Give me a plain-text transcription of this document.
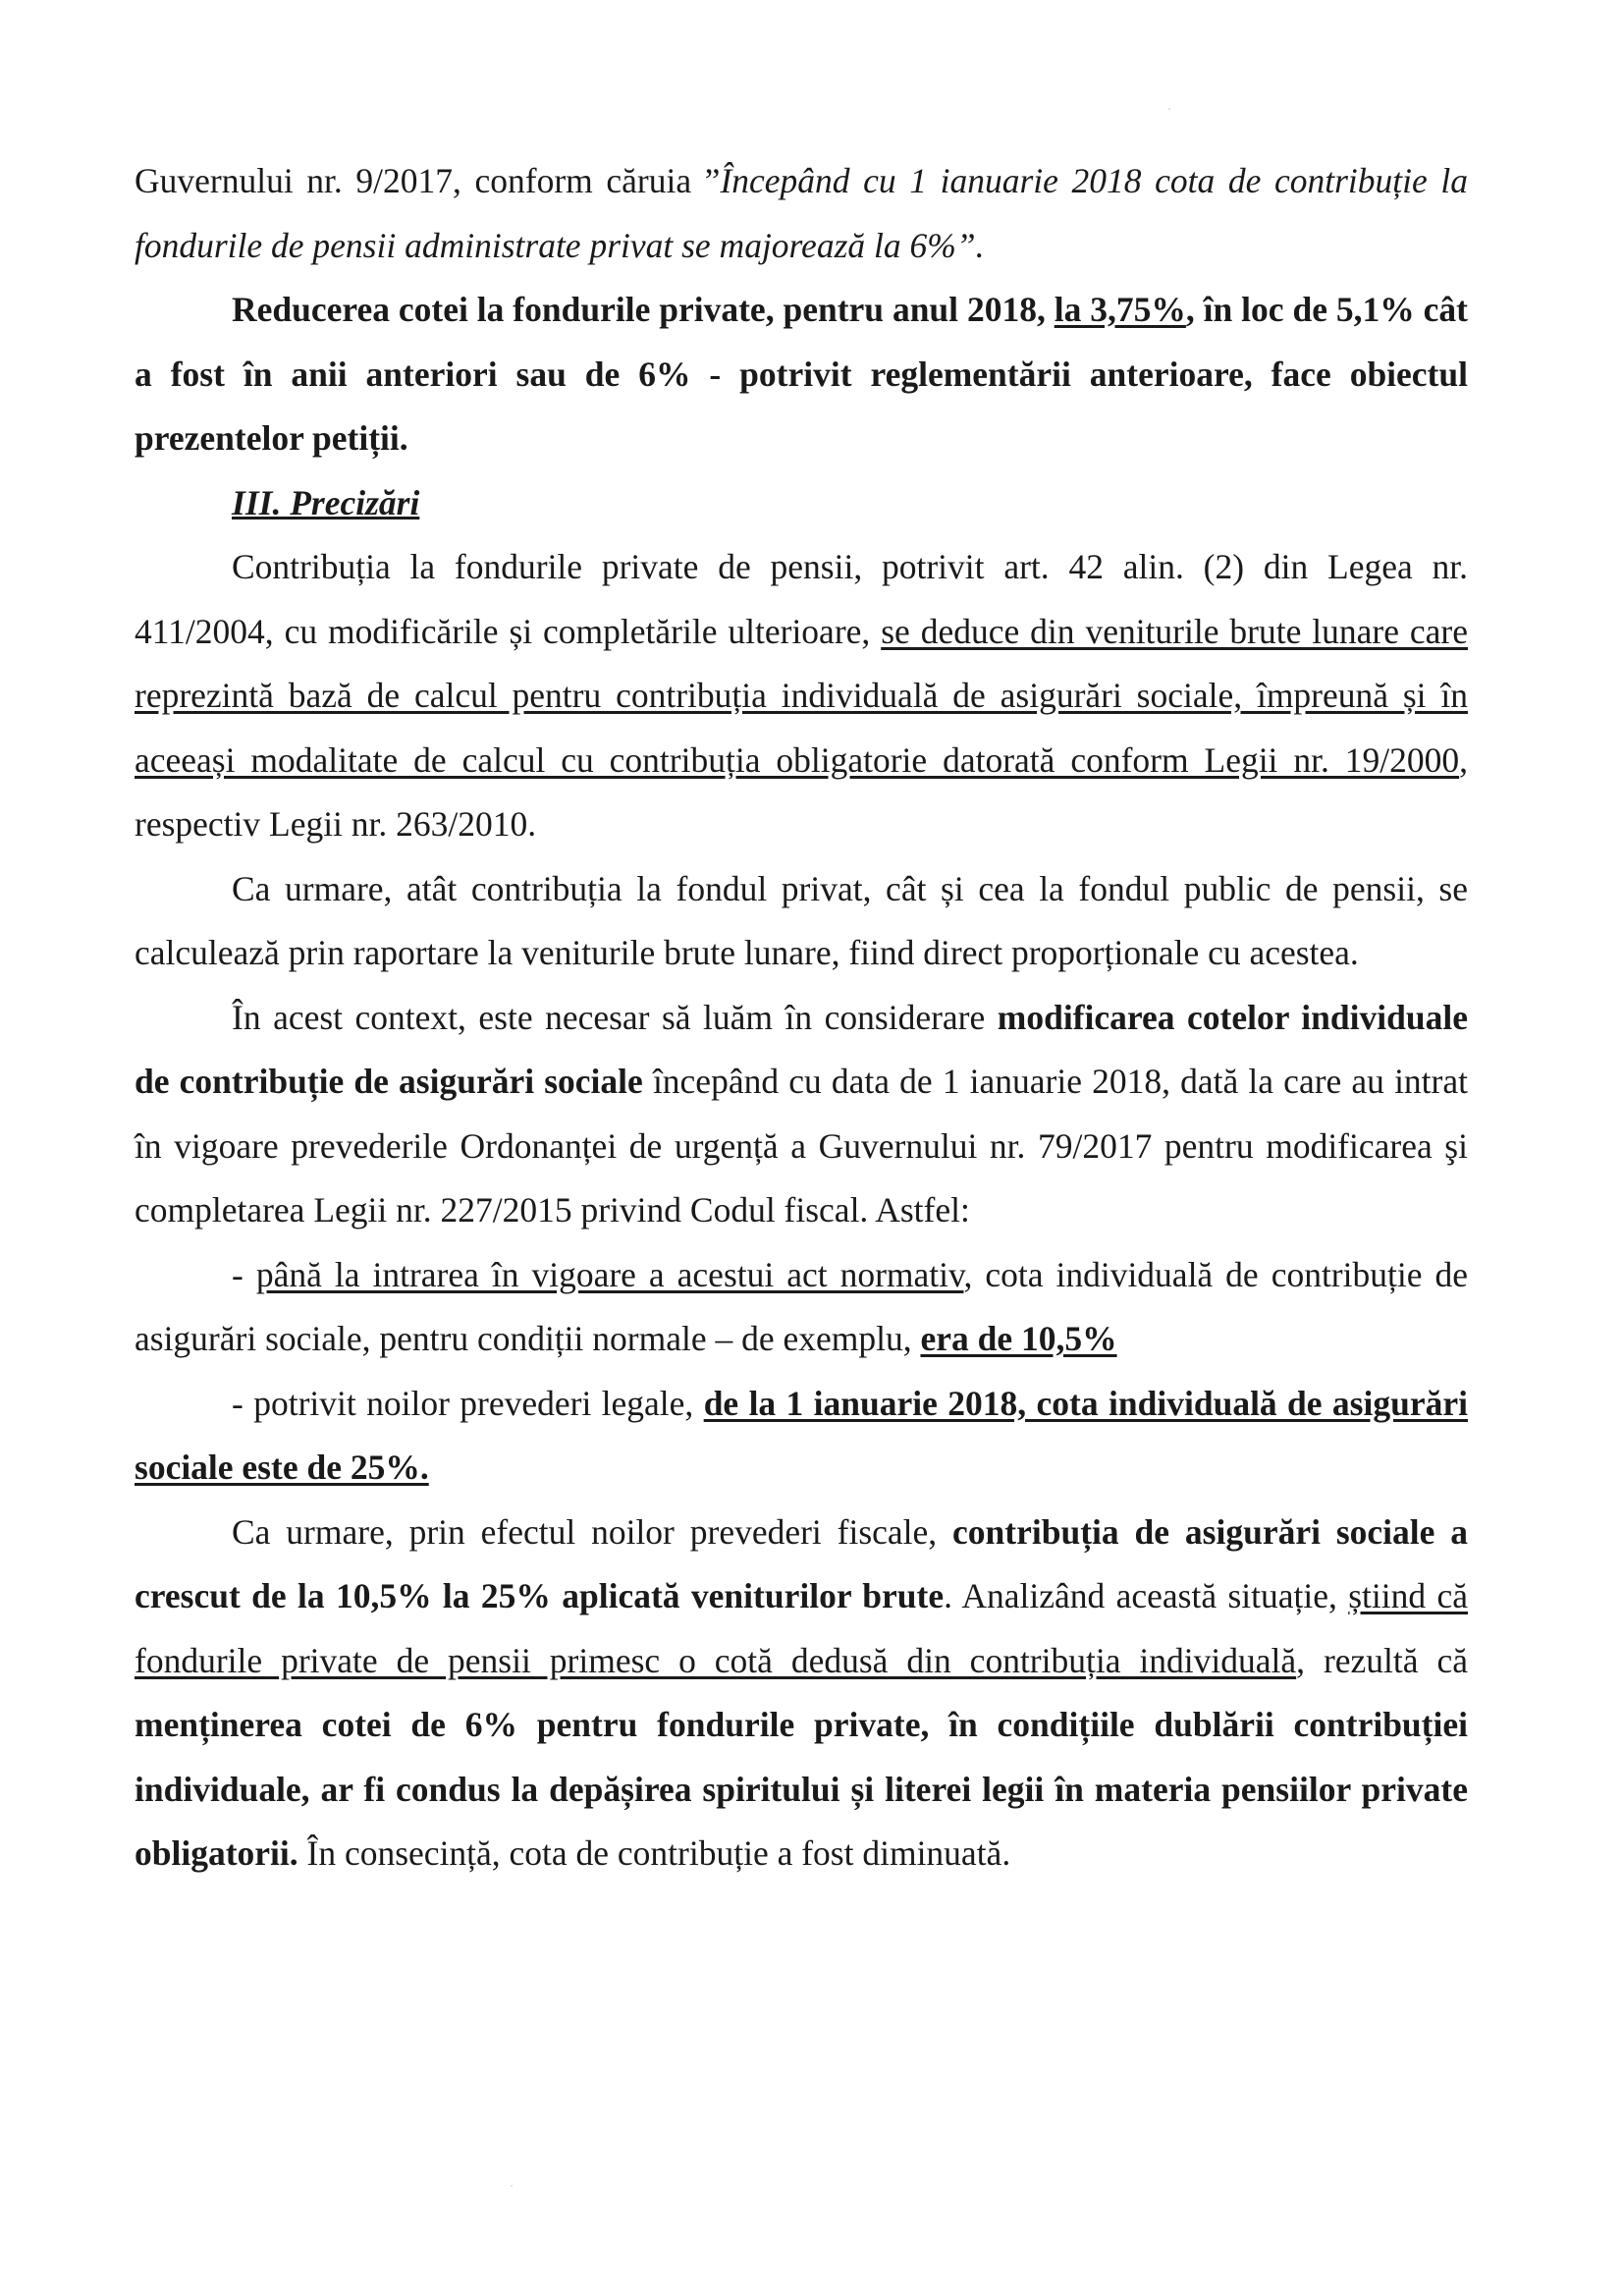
Guvernului nr. 9/2017, conform căruia ”Începând cu 1 ianuarie 2018 cota de contribuție la fondurile de pensii administrate privat se majorează la 6%”.

Reducerea cotei la fondurile private, pentru anul 2018, la 3,75%, în loc de 5,1% cât a fost în anii anteriori sau de 6% - potrivit reglementării anterioare, face obiectul prezentelor petiții.

III. Precizări

Contribuția la fondurile private de pensii, potrivit art. 42 alin. (2) din Legea nr. 411/2004, cu modificările și completările ulterioare, se deduce din veniturile brute lunare care reprezintă bază de calcul pentru contribuția individuală de asigurări sociale, împreună și în aceeași modalitate de calcul cu contribuția obligatorie datorată conform Legii nr. 19/2000, respectiv Legii nr. 263/2010.

Ca urmare, atât contribuția la fondul privat, cât și cea la fondul public de pensii, se calculează prin raportare la veniturile brute lunare, fiind direct proporționale cu acestea.

În acest context, este necesar să luăm în considerare modificarea cotelor individuale de contribuție de asigurări sociale începând cu data de 1 ianuarie 2018, dată la care au intrat în vigoare prevederile Ordonanței de urgență a Guvernului nr. 79/2017 pentru modificarea şi completarea Legii nr. 227/2015 privind Codul fiscal. Astfel:

- până la intrarea în vigoare a acestui act normativ, cota individuală de contribuție de asigurări sociale, pentru condiții normale – de exemplu, era de 10,5%

- potrivit noilor prevederi legale, de la 1 ianuarie 2018, cota individuală de asigurări sociale este de 25%.

Ca urmare, prin efectul noilor prevederi fiscale, contribuția de asigurări sociale a crescut de la 10,5% la 25% aplicată veniturilor brute. Analizând această situație, știind că fondurile private de pensii primesc o cotă dedusă din contribuția individuală, rezultă că menținerea cotei de 6% pentru fondurile private, în condițiile dublării contribuției individuale, ar fi condus la depășirea spiritului și literei legii în materia pensiilor private obligatorii. În consecință, cota de contribuție a fost diminuată.
